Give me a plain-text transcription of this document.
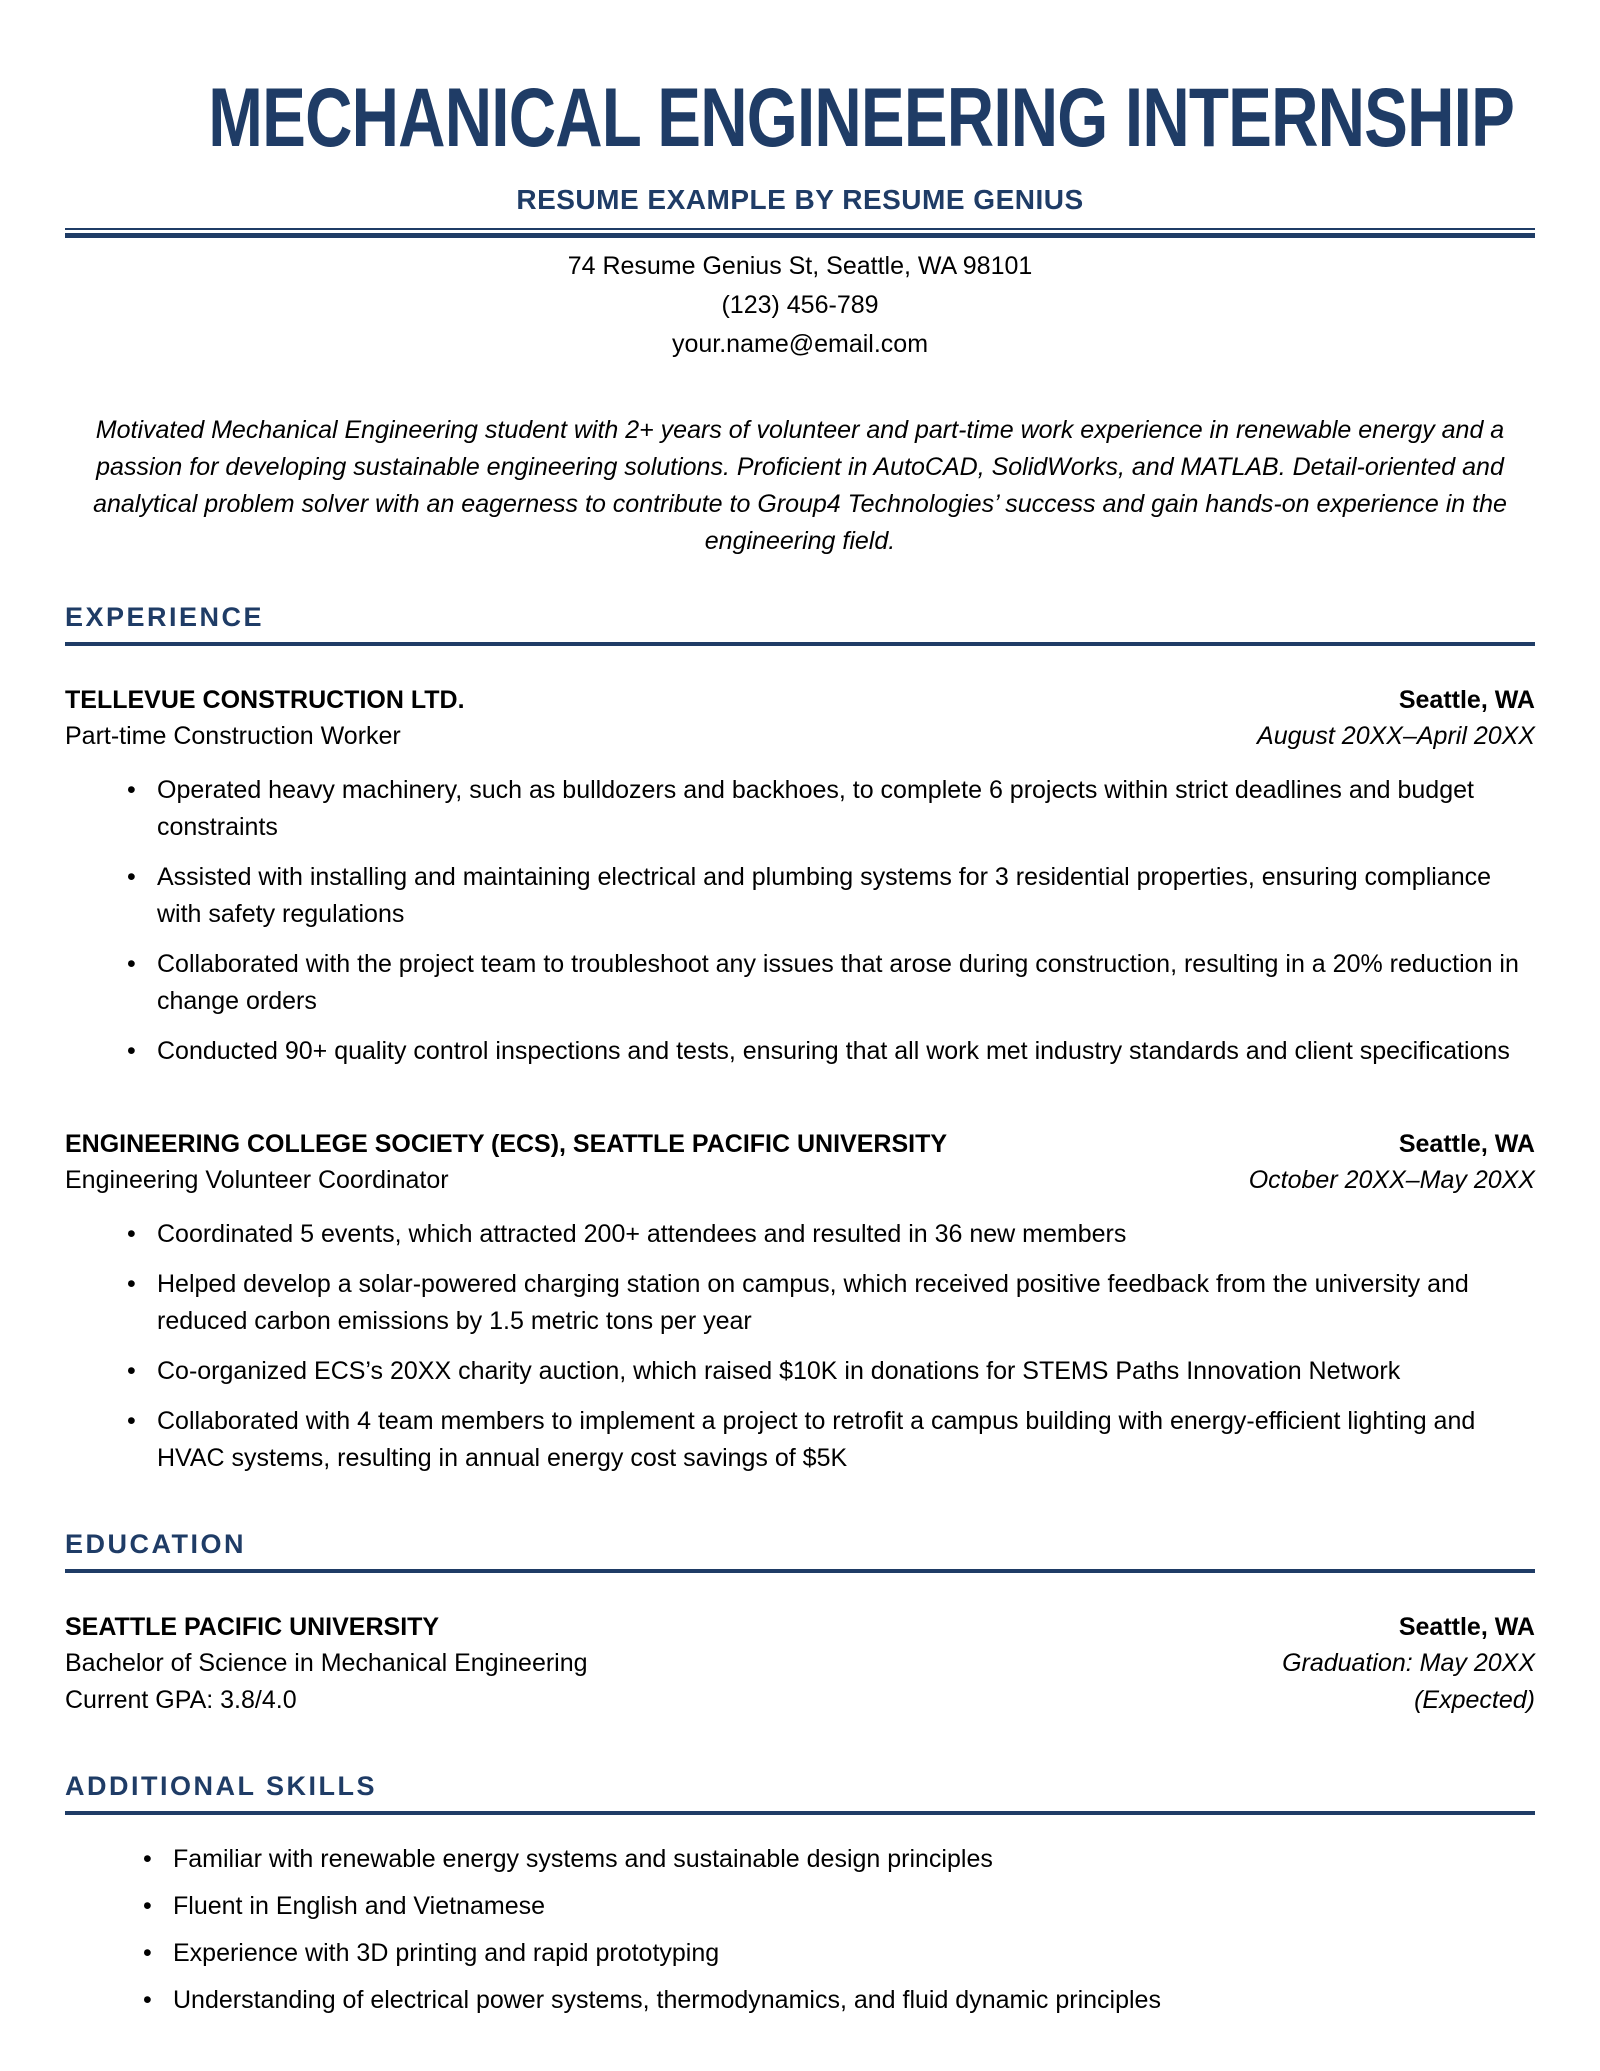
MECHANICAL ENGINEERING INTERNSHIP
RESUME EXAMPLE BY RESUME GENIUS
74 Resume Genius St, Seattle, WA 98101
(123) 456-789
your.name@email.com

Motivated Mechanical Engineering student with 2+ years of volunteer and part-time work experience in renewable energy and a passion for developing sustainable engineering solutions. Proficient in AutoCAD, SolidWorks, and MATLAB. Detail-oriented and analytical problem solver with an eagerness to contribute to Group4 Technologies’ success and gain hands-on experience in the engineering field.

EXPERIENCE
TELLEVUE CONSTRUCTION LTD.	Seattle, WA
Part-time Construction Worker	August 20XX–April 20XX
• Operated heavy machinery, such as bulldozers and backhoes, to complete 6 projects within strict deadlines and budget constraints
• Assisted with installing and maintaining electrical and plumbing systems for 3 residential properties, ensuring compliance with safety regulations
• Collaborated with the project team to troubleshoot any issues that arose during construction, resulting in a 20% reduction in change orders
• Conducted 90+ quality control inspections and tests, ensuring that all work met industry standards and client specifications
ENGINEERING COLLEGE SOCIETY (ECS), SEATTLE PACIFIC UNIVERSITY	Seattle, WA
Engineering Volunteer Coordinator	October 20XX–May 20XX
• Coordinated 5 events, which attracted 200+ attendees and resulted in 36 new members
• Helped develop a solar-powered charging station on campus, which received positive feedback from the university and reduced carbon emissions by 1.5 metric tons per year
• Co-organized ECS’s 20XX charity auction, which raised $10K in donations for STEMS Paths Innovation Network
• Collaborated with 4 team members to implement a project to retrofit a campus building with energy-efficient lighting and HVAC systems, resulting in annual energy cost savings of $5K
EDUCATION
SEATTLE PACIFIC UNIVERSITY	Seattle, WA
Bachelor of Science in Mechanical Engineering	Graduation: May 20XX
Current GPA: 3.8/4.0	(Expected)
ADDITIONAL SKILLS
• Familiar with renewable energy systems and sustainable design principles
• Fluent in English and Vietnamese
• Experience with 3D printing and rapid prototyping
• Understanding of electrical power systems, thermodynamics, and fluid dynamic principles
